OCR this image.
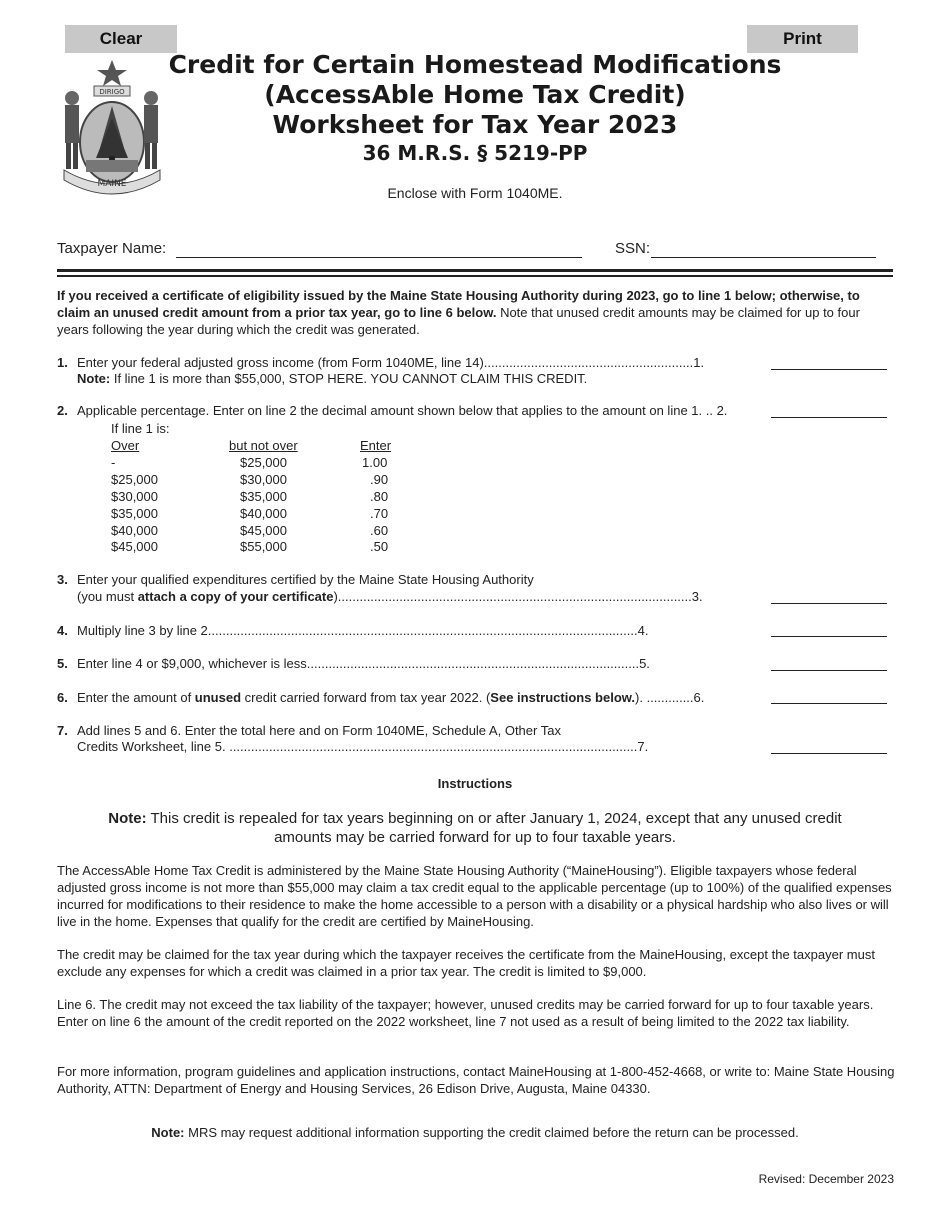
Clear	Print
DIRIGO
MAINE
Credit for Certain Homestead Modifications
(AccessAble Home Tax Credit)
Worksheet for Tax Year 2023
36 M.R.S. § 5219-PP
Enclose with Form 1040ME.
Taxpayer Name:	SSN:
If you received a certificate of eligibility issued by the Maine State Housing Authority during 2023, go to line 1 below; otherwise, to claim an unused credit amount from a prior tax year, go to line 6 below. Note that unused credit amounts may be claimed for up to four years following the year during which the credit was generated.
1. Enter your federal adjusted gross income (from Form 1040ME, line 14)..........................................................1.
Note: If line 1 is more than $55,000, STOP HERE. YOU CANNOT CLAIM THIS CREDIT.
2. Applicable percentage. Enter on line 2 the decimal amount shown below that applies to the amount on line 1. .. 2.
If line 1 is:
Over	but not over	Enter
-	$25,000	1.00
$25,000	$30,000	.90
$30,000	$35,000	.80
$35,000	$40,000	.70
$40,000	$45,000	.60
$45,000	$55,000	.50
3. Enter your qualified expenditures certified by the Maine State Housing Authority
(you must attach a copy of your certificate)..................................................................................................3.
4. Multiply line 3 by line 2.......................................................................................................................4.
5. Enter line 4 or $9,000, whichever is less............................................................................................5.
6. Enter the amount of unused credit carried forward from tax year 2022. (See instructions below.). .............6.
7. Add lines 5 and 6. Enter the total here and on Form 1040ME, Schedule A, Other Tax
Credits Worksheet, line 5. .................................................................................................................7.
Instructions
Note: This credit is repealed for tax years beginning on or after January 1, 2024, except that any unused credit amounts may be carried forward for up to four taxable years.
The AccessAble Home Tax Credit is administered by the Maine State Housing Authority (“MaineHousing”). Eligible taxpayers whose federal adjusted gross income is not more than $55,000 may claim a tax credit equal to the applicable percentage (up to 100%) of the qualified expenses incurred for modifications to their residence to make the home accessible to a person with a disability or a physical hardship who also lives or will live in the home. Expenses that qualify for the credit are certified by MaineHousing.
The credit may be claimed for the tax year during which the taxpayer receives the certificate from the MaineHousing, except the taxpayer must exclude any expenses for which a credit was claimed in a prior tax year. The credit is limited to $9,000.
Line 6. The credit may not exceed the tax liability of the taxpayer; however, unused credits may be carried forward for up to four taxable years. Enter on line 6 the amount of the credit reported on the 2022 worksheet, line 7 not used as a result of being limited to the 2022 tax liability.
For more information, program guidelines and application instructions, contact MaineHousing at 1-800-452-4668, or write to: Maine State Housing Authority, ATTN: Department of Energy and Housing Services, 26 Edison Drive, Augusta, Maine 04330.
Note: MRS may request additional information supporting the credit claimed before the return can be processed.
Revised: December 2023
